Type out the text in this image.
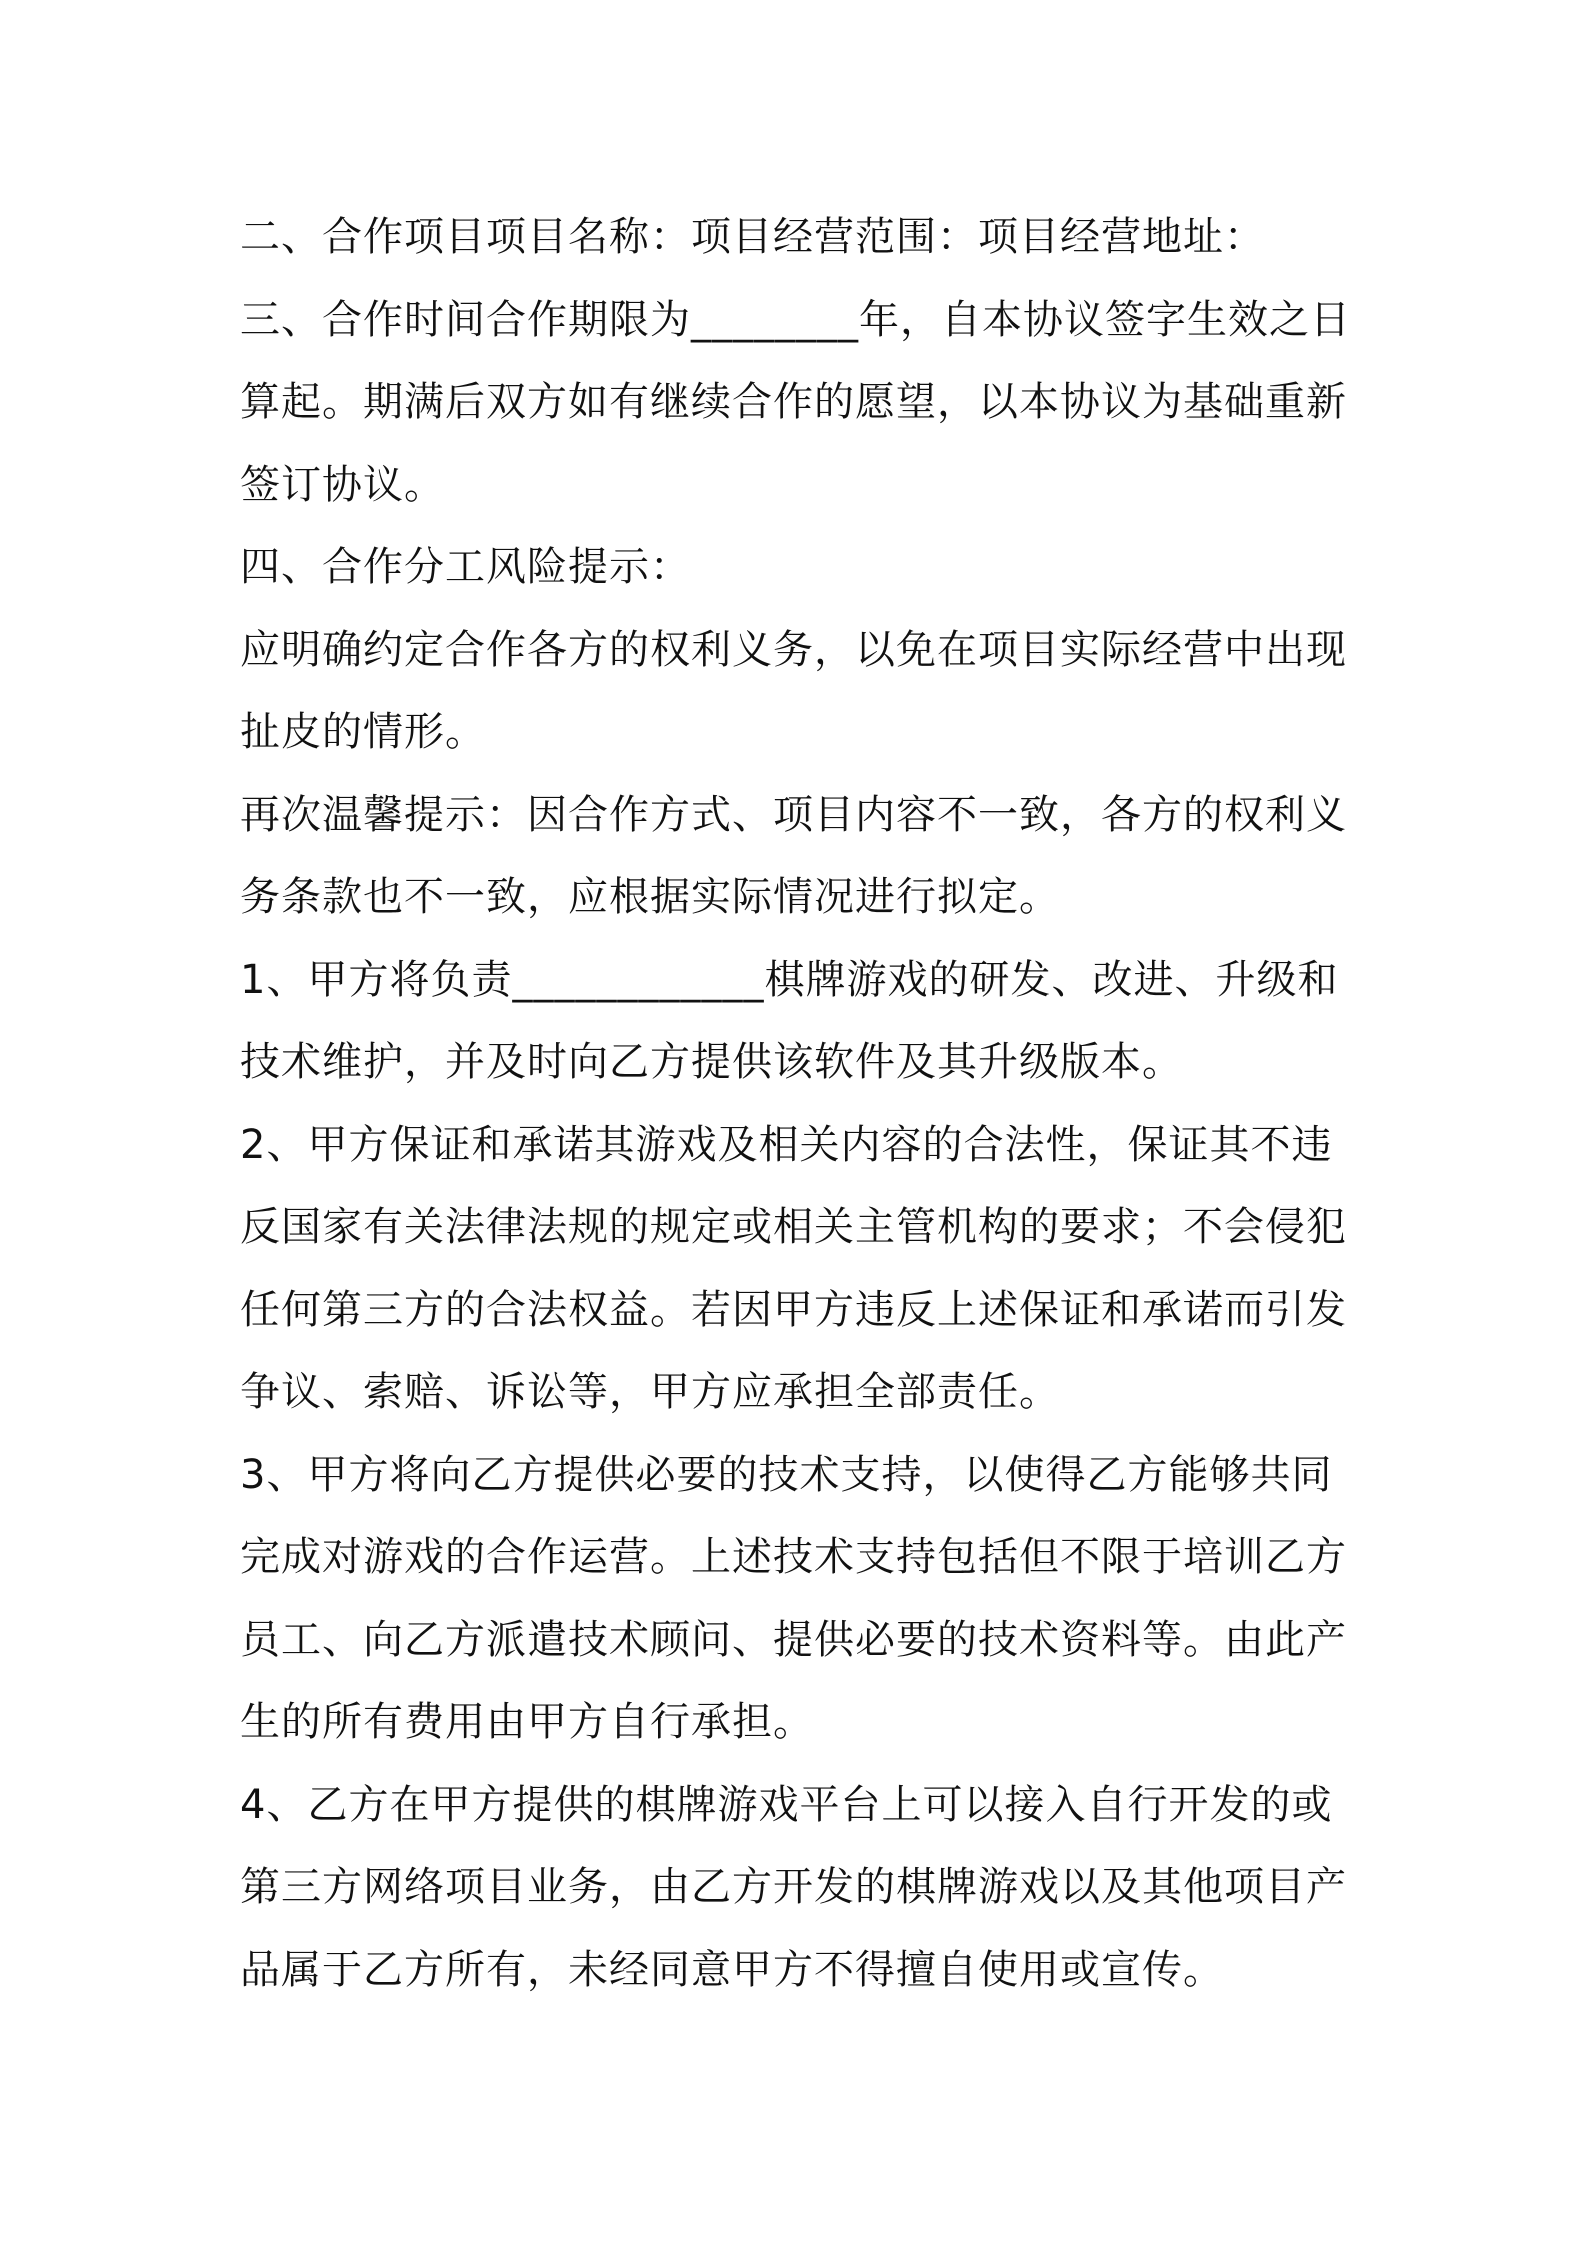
二、合作项目项目名称：项目经营范围：项目经营地址：

三、合作时间合作期限为________年，自本协议签字生效之日算起。期满后双方如有继续合作的愿望，以本协议为基础重新签订协议。

四、合作分工风险提示：

应明确约定合作各方的权利义务，以免在项目实际经营中出现扯皮的情形。

再次温馨提示：因合作方式、项目内容不一致，各方的权利义务条款也不一致，应根据实际情况进行拟定。

1、甲方将负责____________棋牌游戏的研发、改进、升级和技术维护，并及时向乙方提供该软件及其升级版本。

2、甲方保证和承诺其游戏及相关内容的合法性，保证其不违反国家有关法律法规的规定或相关主管机构的要求；不会侵犯任何第三方的合法权益。若因甲方违反上述保证和承诺而引发争议、索赔、诉讼等，甲方应承担全部责任。

3、甲方将向乙方提供必要的技术支持，以使得乙方能够共同完成对游戏的合作运营。上述技术支持包括但不限于培训乙方员工、向乙方派遣技术顾问、提供必要的技术资料等。由此产生的所有费用由甲方自行承担。

4、乙方在甲方提供的棋牌游戏平台上可以接入自行开发的或第三方网络项目业务，由乙方开发的棋牌游戏以及其他项目产品属于乙方所有，未经同意甲方不得擅自使用或宣传。
